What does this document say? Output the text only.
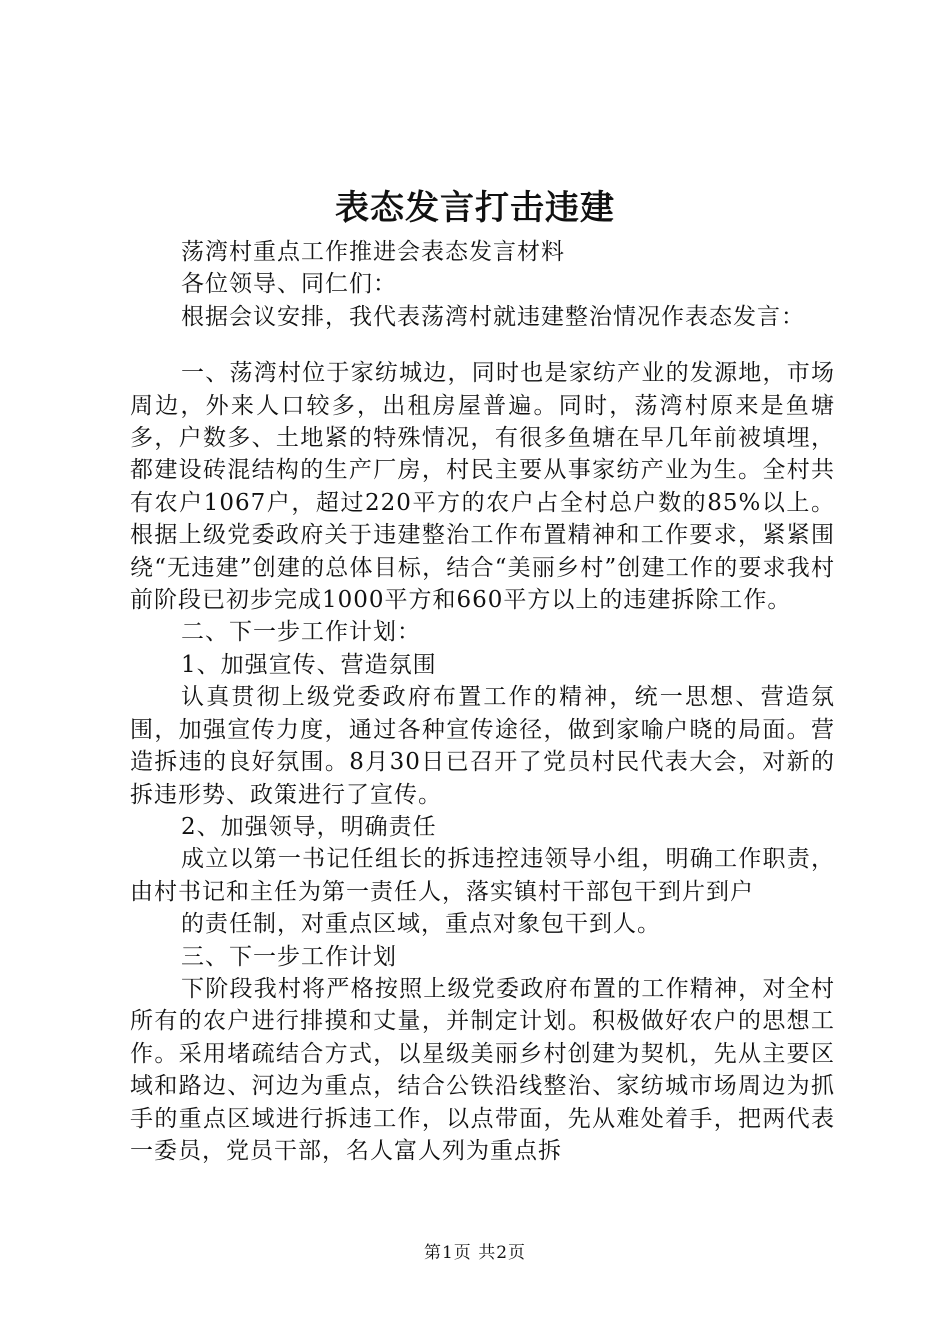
表态发言打击违建

荡湾村重点工作推进会表态发言材料

各位领导、同仁们：

根据会议安排，我代表荡湾村就违建整治情况作表态发言：

一、荡湾村位于家纺城边，同时也是家纺产业的发源地，市场周边，外来人口较多，出租房屋普遍。同时，荡湾村原来是鱼塘多，户数多、土地紧的特殊情况，有很多鱼塘在早几年前被填埋，都建设砖混结构的生产厂房，村民主要从事家纺产业为生。全村共有农户1067户，超过220平方的农户占全村总户数的85%以上。根据上级党委政府关于违建整治工作布置精神和工作要求，紧紧围绕“无违建”创建的总体目标，结合“美丽乡村”创建工作的要求我村前阶段已初步完成1000平方和660平方以上的违建拆除工作。

二、下一步工作计划：

1、加强宣传、营造氛围

认真贯彻上级党委政府布置工作的精神，统一思想、营造氛围，加强宣传力度，通过各种宣传途径，做到家喻户晓的局面。营造拆违的良好氛围。8月30日已召开了党员村民代表大会，对新的拆违形势、政策进行了宣传。

2、加强领导，明确责任

成立以第一书记任组长的拆违控违领导小组，明确工作职责，由村书记和主任为第一责任人，落实镇村干部包干到片到户

的责任制，对重点区域，重点对象包干到人。

三、下一步工作计划

下阶段我村将严格按照上级党委政府布置的工作精神，对全村所有的农户进行排摸和丈量，并制定计划。积极做好农户的思想工作。采用堵疏结合方式，以星级美丽乡村创建为契机，先从主要区域和路边、河边为重点，结合公铁沿线整治、家纺城市场周边为抓手的重点区域进行拆违工作，以点带面，先从难处着手，把两代表一委员，党员干部，名人富人列为重点拆

第1页 共2页
